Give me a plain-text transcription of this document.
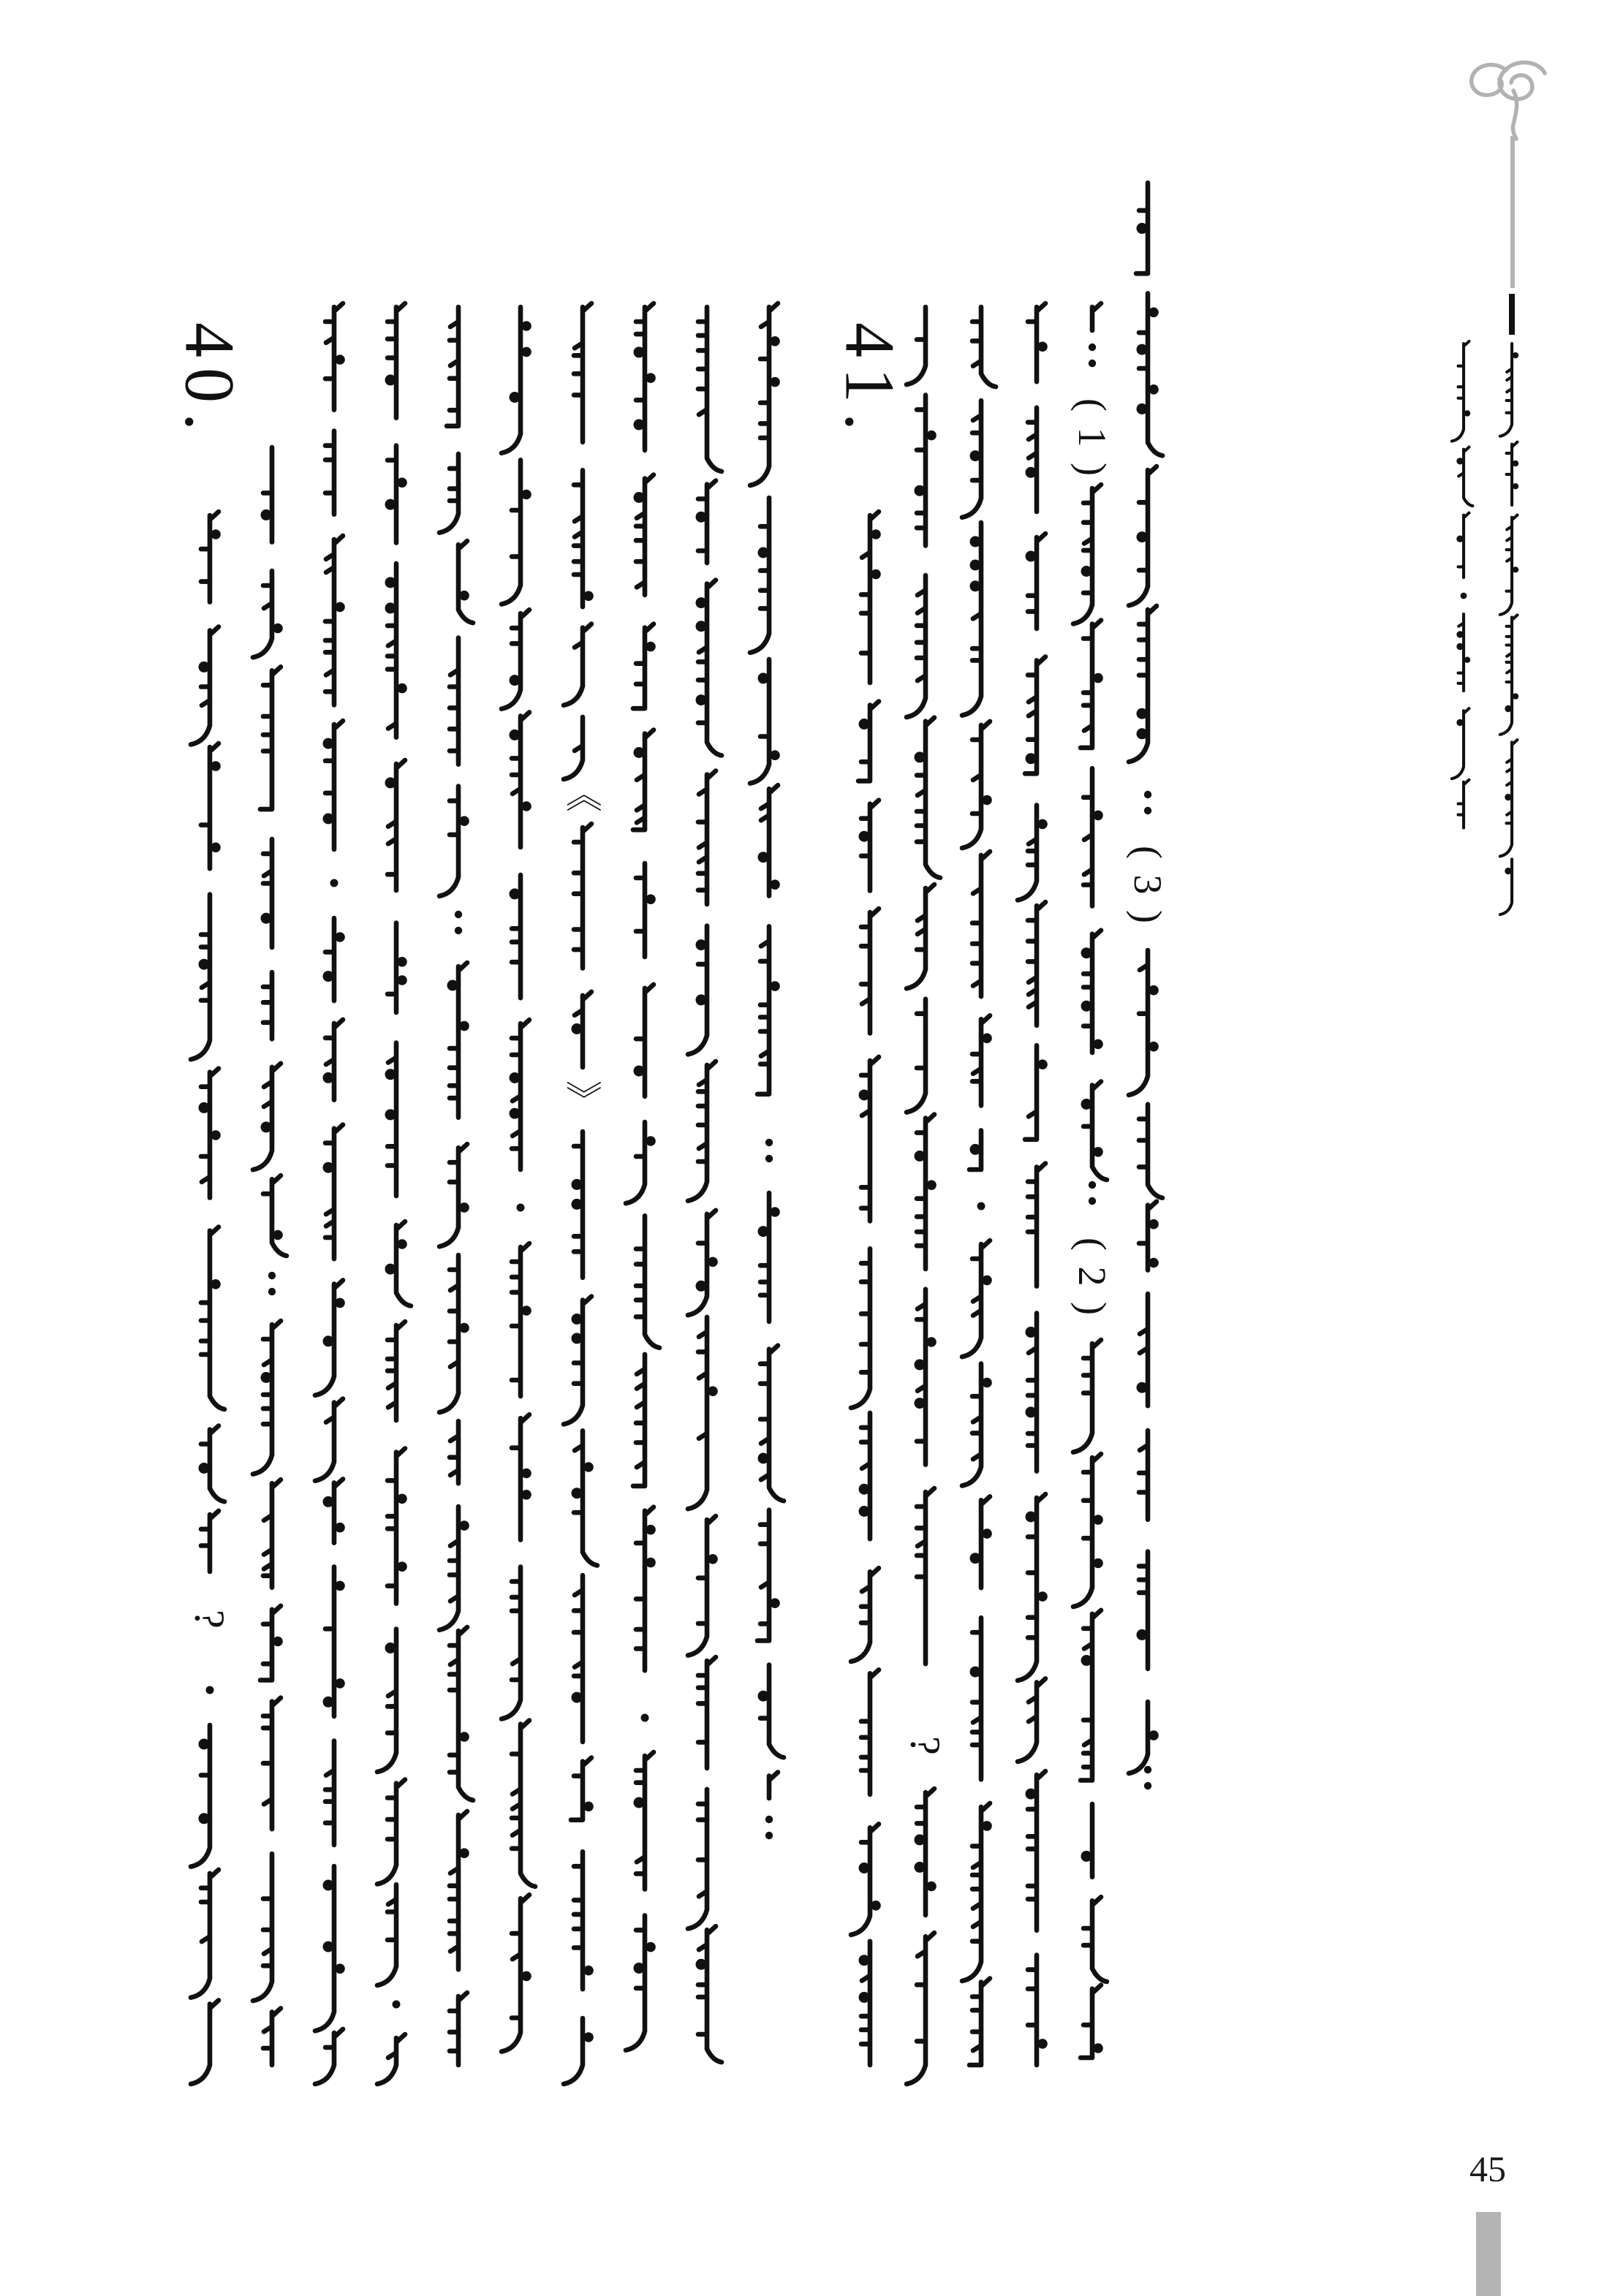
40.
?
《
》
41.
?
( 1 )
( 2 )
( 3 )
45
